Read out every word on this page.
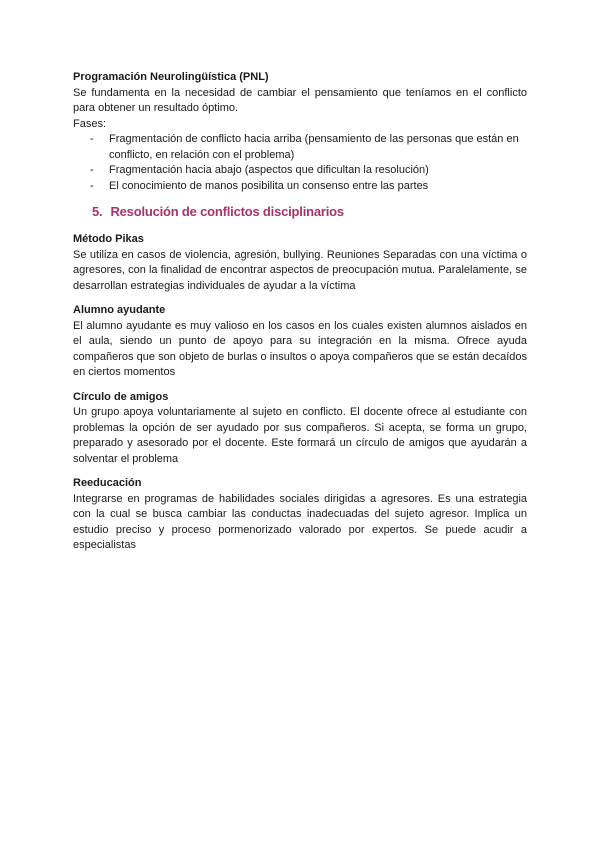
Programación Neurolingüística (PNL)

Se fundamenta en la necesidad de cambiar el pensamiento que teníamos en el conflicto para obtener un resultado óptimo.

Fases:
- Fragmentación de conflicto hacia arriba (pensamiento de las personas que están en conflicto, en relación con el problema)
- Fragmentación hacia abajo (aspectos que dificultan la resolución)
- El conocimiento de manos posibilita un consenso entre las partes
5. Resolución de conflictos disciplinarios
Método Pikas

Se utiliza en casos de violencia, agresión, bullying. Reuniones Separadas con una víctima o agresores, con la finalidad de encontrar aspectos de preocupación mutua. Paralelamente, se desarrollan estrategias individuales de ayudar a la víctima

Alumno ayudante

El alumno ayudante es muy valioso en los casos en los cuales existen alumnos aislados en el aula, siendo un punto de apoyo para su integración en la misma. Ofrece ayuda compañeros que son objeto de burlas o insultos o apoya compañeros que se están decaídos en ciertos momentos

Círculo de amigos

Un grupo apoya voluntariamente al sujeto en conflicto. El docente ofrece al estudiante con problemas la opción de ser ayudado por sus compañeros. Si acepta, se forma un grupo, preparado y asesorado por el docente. Este formará un círculo de amigos que ayudarán a solventar el problema

Reeducación

Integrarse en programas de habilidades sociales dirigidas a agresores. Es una estrategia con la cual se busca cambiar las conductas inadecuadas del sujeto agresor. Implica un estudio preciso y proceso pormenorizado valorado por expertos. Se puede acudir a especialistas
